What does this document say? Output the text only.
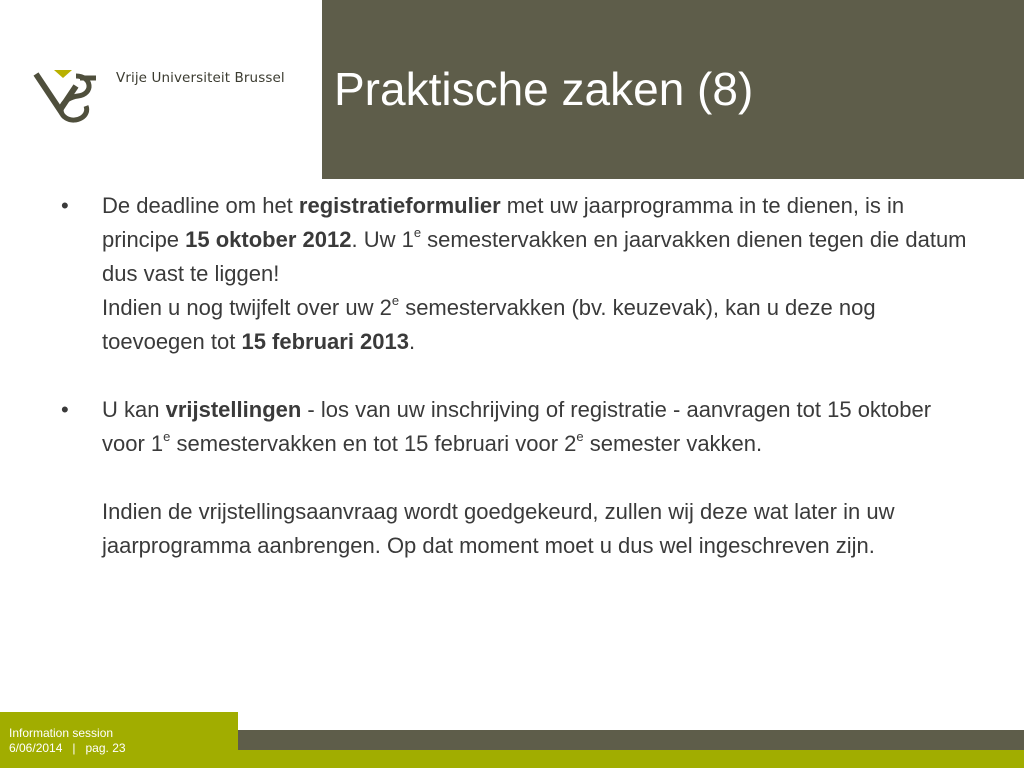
Vrije Universiteit Brussel Praktische zaken (8)
• De deadline om het registratieformulier met uw jaarprogramma in te dienen, is in principe 15 oktober 2012. Uw 1e semestervakken en jaarvakken dienen tegen die datum dus vast te liggen!
Indien u nog twijfelt over uw 2e semestervakken (bv. keuzevak), kan u deze nog toevoegen tot 15 februari 2013.
• U kan vrijstellingen - los van uw inschrijving of registratie - aanvragen tot 15 oktober voor 1e semestervakken en tot 15 februari voor 2e semester vakken.
Indien de vrijstellingsaanvraag wordt goedgekeurd, zullen wij deze wat later in uw jaarprogramma aanbrengen. Op dat moment moet u dus wel ingeschreven zijn.
Information session
6/06/2014   |   pag. 23
